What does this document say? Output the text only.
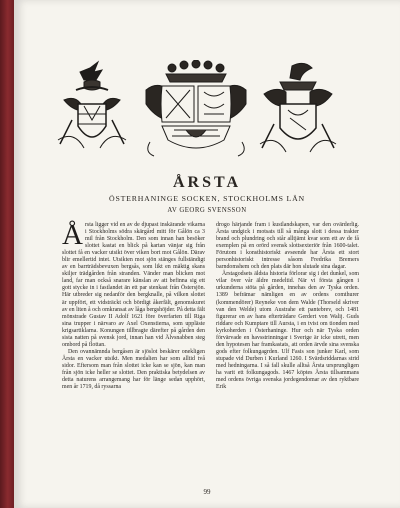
ÅRSTA
ÖSTERHANINGE SOCKEN, STOCKHOLMS LÄN
AV GEORG SVENSSON

Årsta ligger vid en av de djupast inskärande vikarna i Stockholms södra skärgård mitt för Gålön ca 3 mil från Stockholm. Den som innan han besöker slottet kastat en blick på kartan vänjar sig från slottet få en vacker utsikt över viken bort mot Gålön. Därav blir emellertid intet. Utsikten mot sjön stänges fullständigt av en barrträdsbevuxen bergsås, som likt en mäktig skans skiljer trädgården från stranden. Vänder man blicken mot land, far man också snarare känslan av att befinna sig ett gott stycke in i fastlandet än ett par stenkast från Östersjön. Här utbreder sig nedanför den bergknalle, på vilken slottet är uppfört, ett vidsträckt och bördigt åkerfält, genomskuret av en liten å och omkransat av låga bergshöjder. På detta fält mönstrade Gustav II Adolf 1621 före överfarten till Riga sina trupper i närvaro av Axel Oxenstierna, som uppläste krigsartiklarna. Konungen tillbragte därefter på gården den sista natten på svensk jord, innan han vid Älvsnabben steg ombord på flottan.

Den ovannämnda bergåsen är sjöslot beskärer onekligen Årsta en vacker utsikt. Men medalien har som alltid två sidor. Eftersom man från slottet icke kan se sjön, kan man från sjön icke heller se slottet. Den praktiska betydelsen av detta naturens arrangemang har för länge sedan upphört, men år 1719, då ryssarna

drogo härjande fram i kustlandskapen, var den ovärderlig. Årsta undgick i motsats till så många slott i dessa trakter brand och plundring och står alltjämt kvar som ett av de få exemplen på en orörd svensk slottsexteriör från 1600-talet. Förutom i konsthistoriskt avseende har Årsta ett stort personhistoriskt intresse såsom Fredrika Bremers barndomshem och den plats där hon slutade sina dagar.

Årstagodsets äldsta historia förlorar sig i det dunkel, som vilar över vår äldre medeltid. När vi första gången i urkunderna stöta på gården, innehas den av Tyska orden. 1389 befrämar nämligen en av ordens comthurer (kommendörer) Reyneke von dem Walde (Thorseld skriver van den Welde) utom Austrahe ett pantebrev, och 1481 figurerar en av hans efterträdare Gerdert von Walij. Guds riddare och Kumptare till Aursta, i en tvist om tionden med kyrkoherden i Österhaninge. Hur och när Tyska orden förvärvade en havsstrinningar i Sverige är icke utrett, men den hypotesen har framkastats, att orden ärvde sina svenska gods efter folkungagrden. Ulf Fasis son junker Karl, som stupade vid Durben i Kurland 1260. I Svärdsriddarnas strid med hedningarna. I så fall skulle alltså Årsta ursprungligen ha varit ett folkungagods. 1467 köptes Årsta tillsammans med ordens övriga svenska jordegendomar av den ryktbare Erik

99
